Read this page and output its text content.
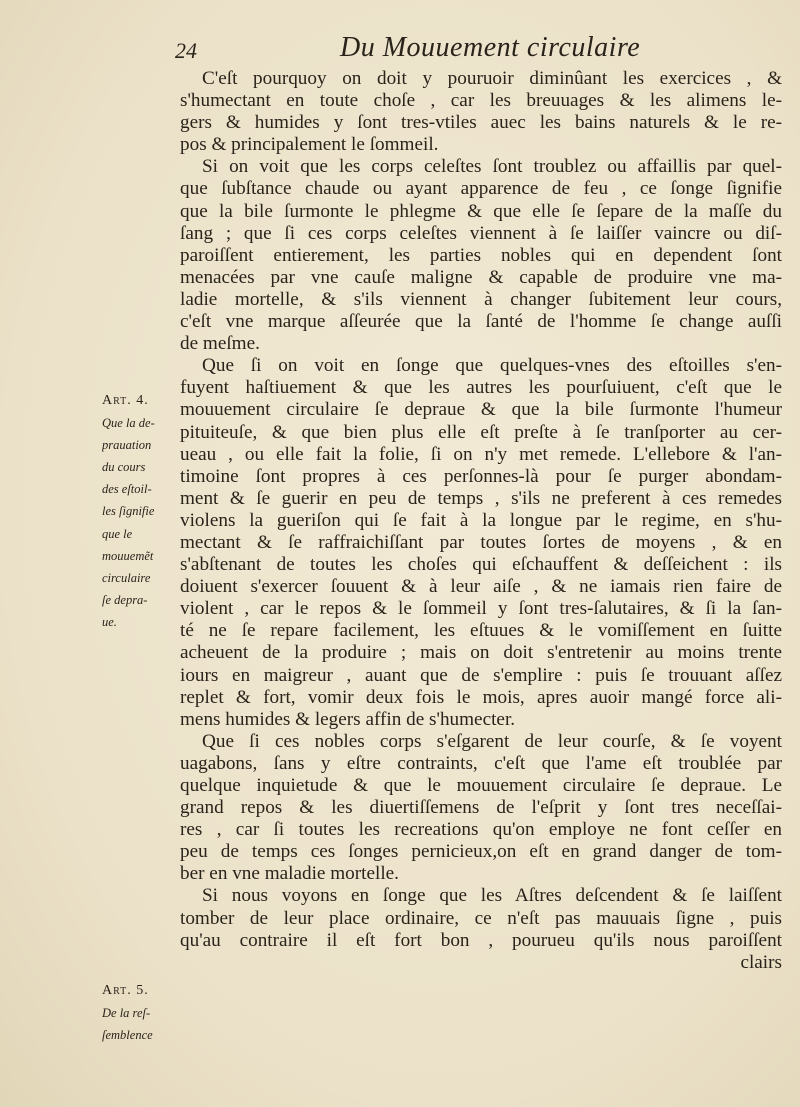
24	Du Mouuement circulaire
Art. 4.
Que la de-
prauation
du cours
des eſtoil-
les ſignifie
que le
mouuemẽt
circulaire
ſe depra-
ue.
Art. 5.
De la reſ-
ſemblence
C'eſt pourquoy on doit y pouruoir diminûant les exercices , &
s'humectant en toute choſe , car les breuuages & les alimens le-
gers & humides y ſont tres-vtiles auec les bains naturels & le re-
pos & principalement le ſommeil.
Si on voit que les corps celeſtes ſont troublez ou affaillis par quel-
que ſubſtance chaude ou ayant apparence de feu , ce ſonge ſignifie
que la bile ſurmonte le phlegme & que elle ſe ſepare de la maſſe du
ſang ; que ſi ces corps celeſtes viennent à ſe laiſſer vaincre ou diſ-
paroiſſent entierement, les parties nobles qui en dependent ſont
menacées par vne cauſe maligne & capable de produire vne ma-
ladie mortelle, & s'ils viennent à changer ſubitement leur cours,
c'eſt vne marque aſſeurée que la ſanté de l'homme ſe change auſſi
de meſme.
Que ſi on voit en ſonge que quelques-vnes des eſtoilles s'en-
fuyent haſtiuement & que les autres les pourſuiuent, c'eſt que le
mouuement circulaire ſe depraue & que la bile ſurmonte l'humeur
pituiteuſe, & que bien plus elle eſt preſte à ſe tranſporter au cer-
ueau , ou elle fait la folie, ſi on n'y met remede. L'ellebore & l'an-
timoine ſont propres à ces perſonnes-là pour ſe purger abondam-
ment & ſe guerir en peu de temps , s'ils ne preferent à ces remedes
violens la gueriſon qui ſe fait à la longue par le regime, en s'hu-
mectant & ſe raffraichiſſant par toutes ſortes de moyens , & en
s'abſtenant de toutes les choſes qui eſchauffent & deſſeichent : ils
doiuent s'exercer ſouuent & à leur aiſe , & ne iamais rien faire de
violent , car le repos & le ſommeil y ſont tres-ſalutaires, & ſi la ſan-
té ne ſe repare facilement, les eſtuues & le vomiſſement en ſuitte
acheuent de la produire ; mais on doit s'entretenir au moins trente
iours en maigreur , auant que de s'emplire : puis ſe trouuant aſſez
replet & fort, vomir deux fois le mois, apres auoir mangé force ali-
mens humides & legers affin de s'humecter.
Que ſi ces nobles corps s'eſgarent de leur courſe, & ſe voyent
uagabons, ſans y eſtre contraints, c'eſt que l'ame eſt troublée par
quelque inquietude & que le mouuement circulaire ſe depraue. Le
grand repos & les diuertiſſemens de l'eſprit y ſont tres neceſſai-
res , car ſi toutes les recreations qu'on employe ne font ceſſer en
peu de temps ces ſonges pernicieux,on eſt en grand danger de tom-
ber en vne maladie mortelle.
Si nous voyons en ſonge que les Aſtres deſcendent & ſe laiſſent
tomber de leur place ordinaire, ce n'eſt pas mauuais ſigne , puis
qu'au contraire il eſt fort bon , pourueu qu'ils nous paroiſſent
clairs
